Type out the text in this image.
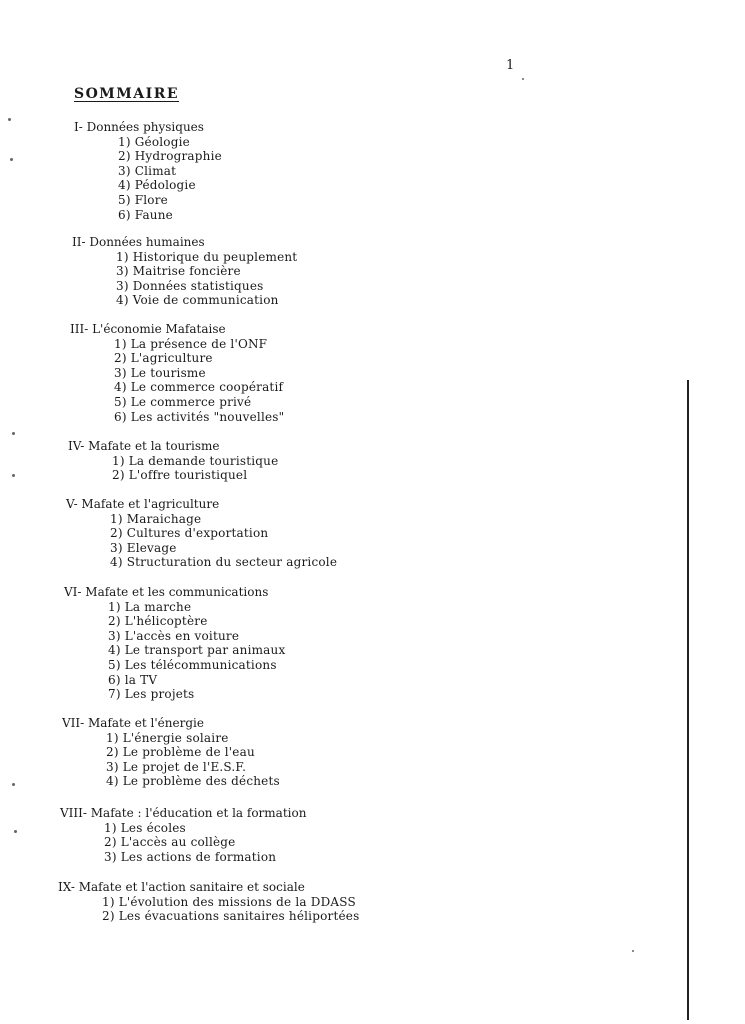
1
SOMMAIRE
I- Données physiques
1) Géologie
2) Hydrographie
3) Climat
4) Pédologie
5) Flore
6) Faune
II- Données humaines
1) Historique du peuplement
3) Maitrise foncière
3) Données statistiques
4) Voie de communication
III- L'économie Mafataise
1) La présence de l'ONF
2) L'agriculture
3) Le tourisme
4) Le commerce coopératif
5) Le commerce privé
6) Les activités "nouvelles"
IV- Mafate et la tourisme
1) La demande touristique
2) L'offre touristiquel
V- Mafate et l'agriculture
1) Maraichage
2) Cultures d'exportation
3) Elevage
4) Structuration du secteur agricole
VI- Mafate et les communications
1) La marche
2) L'hélicoptère
3) L'accès en voiture
4) Le transport par animaux
5) Les télécommunications
6) la TV
7) Les projets
VII- Mafate et l'énergie
1) L'énergie solaire
2) Le problème de l'eau
3) Le projet de l'E.S.F.
4) Le problème des déchets
VIII- Mafate : l'éducation et la formation
1) Les écoles
2) L'accès au collège
3) Les actions de formation
IX- Mafate et l'action sanitaire et sociale
1) L'évolution des missions de la DDASS
2) Les évacuations sanitaires héliportées
